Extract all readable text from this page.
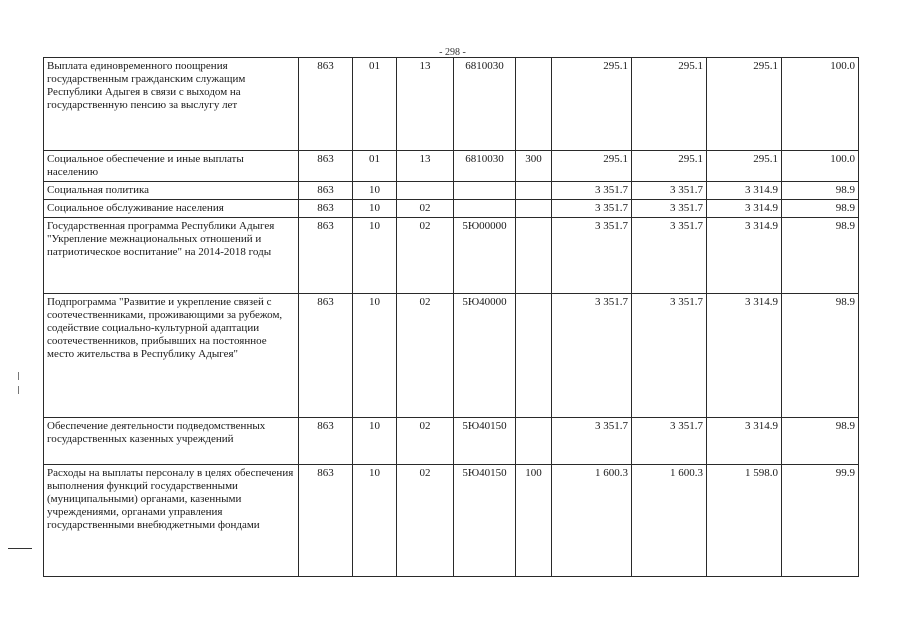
- 298 -
Выплата единовременного поощрения государственным гражданским служащим Республики Адыгея в связи с выходом на государственную пенсию за выслугу лет	863	01	13	6810030		295.1	295.1	295.1	100.0
Социальное обеспечение и иные выплаты населению	863	01	13	6810030	300	295.1	295.1	295.1	100.0
Социальная политика	863	10				3 351.7	3 351.7	3 314.9	98.9
Социальное обслуживание населения	863	10	02			3 351.7	3 351.7	3 314.9	98.9
Государственная программа Республики Адыгея "Укрепление межнациональных отношений и патриотическое воспитание" на 2014-2018 годы	863	10	02	5Ю00000		3 351.7	3 351.7	3 314.9	98.9
Подпрограмма "Развитие и укрепление связей с соотечественниками, проживающими за рубежом, содействие социально-культурной адаптации соотечественников, прибывших на постоянное место жительства в Республику Адыгея"	863	10	02	5Ю40000		3 351.7	3 351.7	3 314.9	98.9
Обеспечение деятельности подведомственных государственных казенных учреждений	863	10	02	5Ю40150		3 351.7	3 351.7	3 314.9	98.9
Расходы на выплаты персоналу в целях обеспечения выполнения функций государственными (муниципальными) органами, казенными учреждениями, органами управления государственными внебюджетными фондами	863	10	02	5Ю40150	100	1 600.3	1 600.3	1 598.0	99.9
